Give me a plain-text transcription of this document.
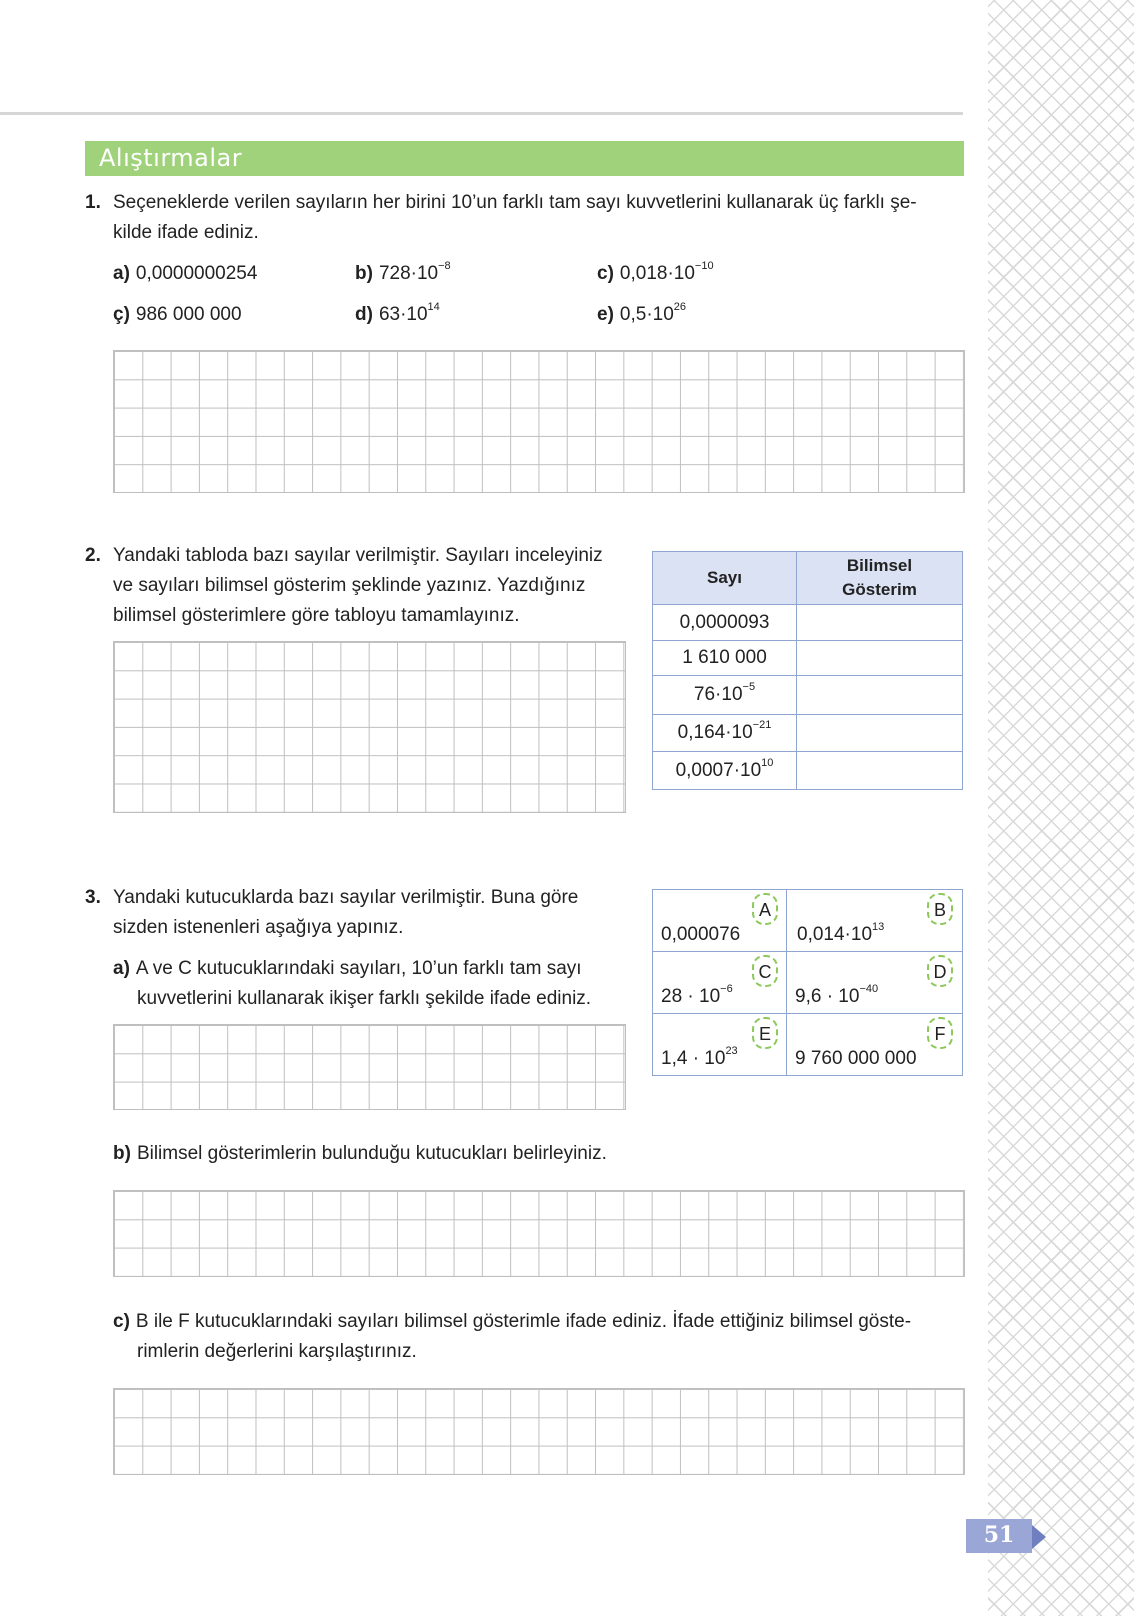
Alıştırmalar
1. Seçeneklerde verilen sayıların her birini 10’un farklı tam sayı kuvvetlerini kullanarak üç farklı şe-
kilde ifade ediniz.
a) 0,0000000254	b) $728\cdot 10^{-8}$	c) $0,018\cdot 10^{-10}$
ç) 986 000 000	d) $63\cdot 10^{14}$	e) $0,5\cdot 10^{26}$
2. Yandaki tabloda bazı sayılar verilmiştir. Sayıları inceleyiniz
ve sayıları bilimsel gösterim şeklinde yazınız. Yazdığınız
bilimsel gösterimlere göre tabloyu tamamlayınız.
Sayı	Bilimsel
Gösterim

0,0000093	
1 610 000	
$76\cdot 10^{-5}$	
$0,164\cdot 10^{-21}$	
$0,0007\cdot 10^{10}$	
3. Yandaki kutucuklarda bazı sayılar verilmiştir. Buna göre
sizden istenenleri aşağıya yapınız.
a) A ve C kutucuklarındaki sayıları, 10’un farklı tam sayı
kuvvetlerini kullanarak ikişer farklı şekilde ifade ediniz.
A
0,000076
B
$0,014\cdot 10^{13}$
C
$28 \cdot 10^{-6}$
D
$9,6 \cdot 10^{-40}$
E
$1,4 \cdot 10^{23}$
F
9 760 000 000
b) Bilimsel gösterimlerin bulunduğu kutucukları belirleyiniz.
c) B ile F kutucuklarındaki sayıları bilimsel gösterimle ifade ediniz. İfade ettiğiniz bilimsel göste-
rimlerin değerlerini karşılaştırınız.
51
